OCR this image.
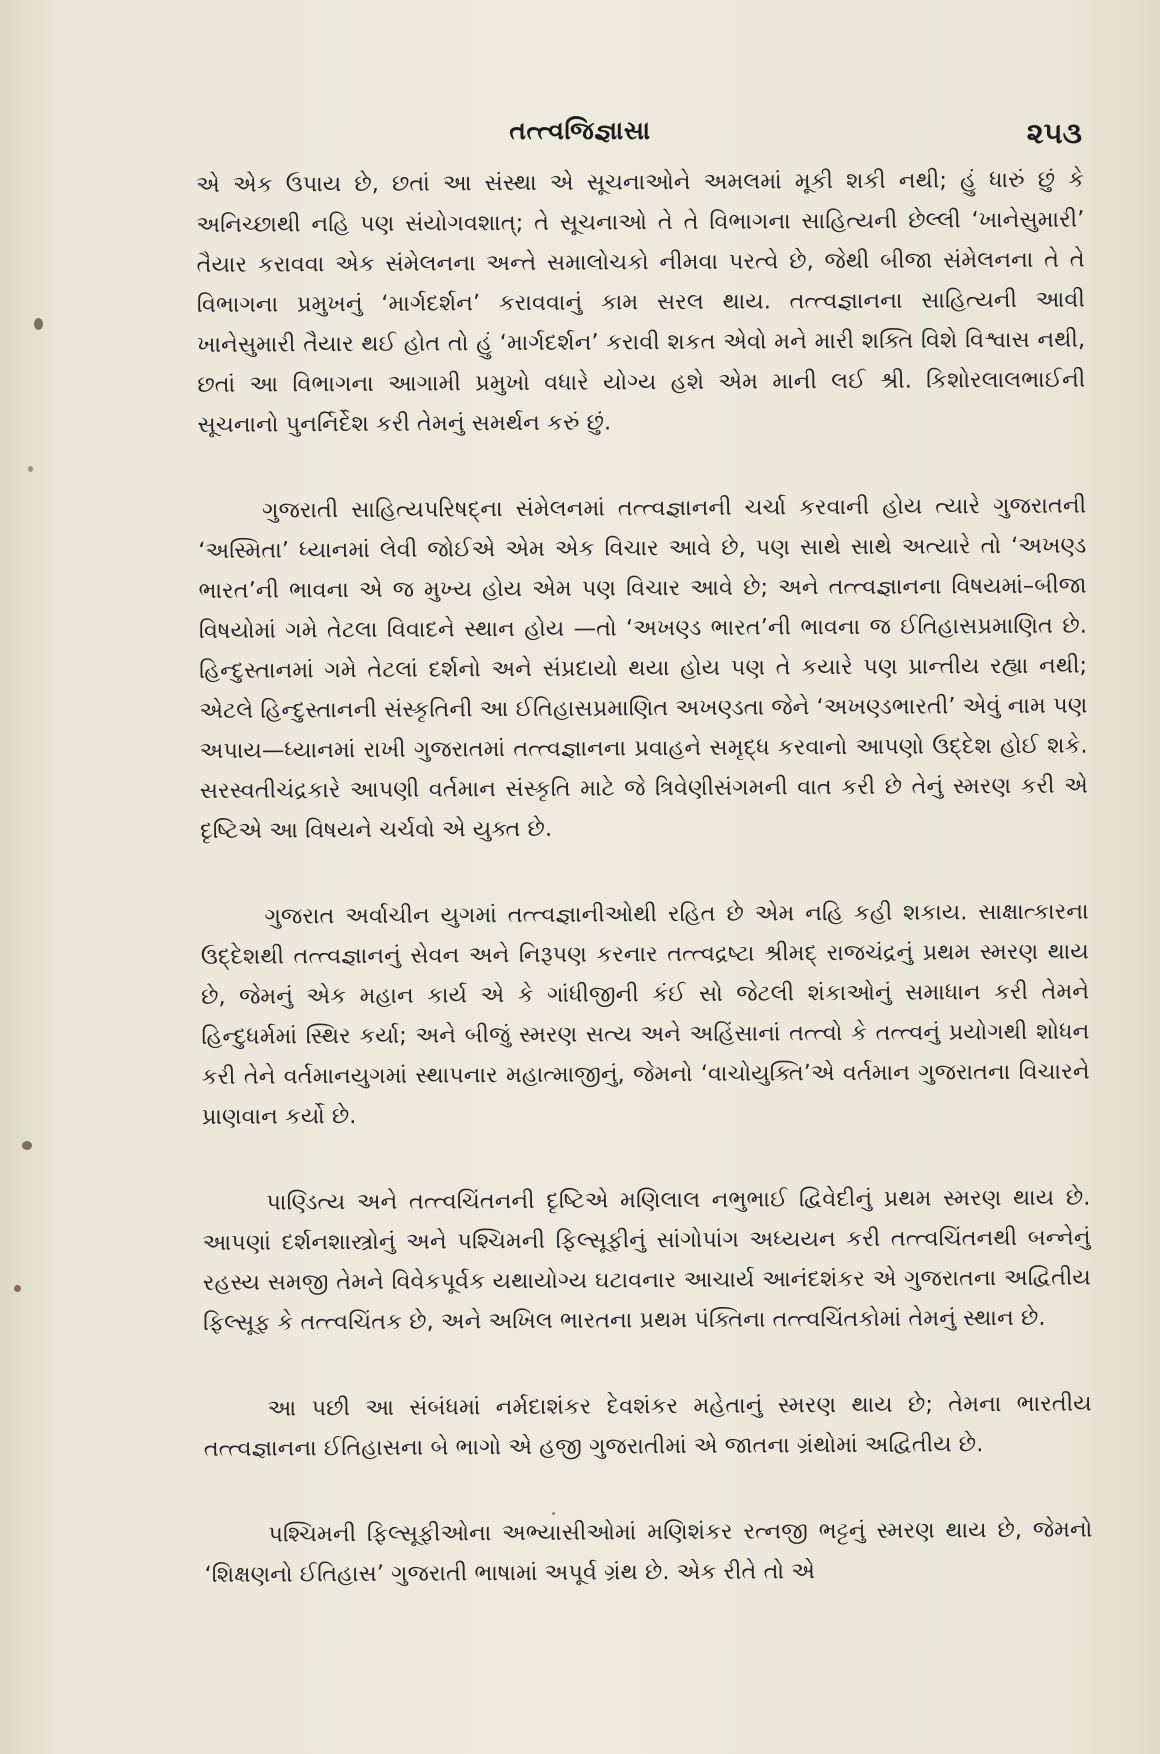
તત્ત્વજિજ્ઞાસા	૨૫૩

એ એક ઉપાય છે, છતાં આ સંસ્થા એ સૂચનાઓને અમલમાં મૂકી શકી નથી; હું ધારું છું કે અનિચ્છાથી નહિ પણ સંયોગવશાત્; તે સૂચનાઓ તે તે વિભાગના સાહિત્યની છેલ્લી ‘ખાનેસુમારી’ તૈયાર કરાવવા એક સંમેલનના અન્તે સમાલોચકો નીમવા પરત્વે છે, જેથી બીજા સંમેલનના તે તે વિભાગના પ્રમુખનું ‘માર્ગદર્શન’ કરાવવાનું કામ સરલ થાય. તત્ત્વજ્ઞાનના સાહિત્યની આવી ખાનેસુમારી તૈયાર થઈ હોત તો હું ‘માર્ગદર્શન’ કરાવી શકત એવો મને મારી શક્તિ વિશે વિશ્વાસ નથી, છતાં આ વિભાગના આગામી પ્રમુખો વધારે યોગ્ય હશે એમ માની લઈ શ્રી. કિશોરલાલભાઈની સૂચનાનો પુનર્નિર્દેશ કરી તેમનું સમર્થન કરું છું.

ગુજરાતી સાહિત્યપરિષદ્‌ના સંમેલનમાં તત્ત્વજ્ઞાનની ચર્ચા કરવાની હોય ત્યારે ગુજરાતની ‘અસ્મિતા’ ધ્યાનમાં લેવી જોઈએ એમ એક વિચાર આવે છે, પણ સાથે સાથે અત્યારે તો ‘અખણ્ડ ભારત’ની ભાવના એ જ મુખ્ય હોય એમ પણ વિચાર આવે છે; અને તત્ત્વજ્ઞાનના વિષયમાં–બીજા વિષયોમાં ગમે તેટલા વિવાદને સ્થાન હોય —તો ‘અખણ્ડ ભારત’ની ભાવના જ ઈતિહાસપ્રમાણિત છે. હિન્દુસ્તાનમાં ગમે તેટલાં દર્શનો અને સંપ્રદાયો થયા હોય પણ તે કયારે પણ પ્રાન્તીય રહ્યા નથી; એટલે હિન્દુસ્તાનની સંસ્કૃતિની આ ઈતિહાસપ્રમાણિત અખણ્ડતા જેને ‘અખણ્ડભારતી’ એવું નામ પણ અપાય—ધ્યાનમાં રાખી ગુજરાતમાં તત્ત્વજ્ઞાનના પ્રવાહને સમૃદ્ધ કરવાનો આપણો ઉદ્દેશ હોઈ શકે. સરસ્વતીચંદ્રકારે આપણી વર્તમાન સંસ્કૃતિ માટે જે ત્રિવેણીસંગમની વાત કરી છે તેનું સ્મરણ કરી એ દૃષ્ટિએ આ વિષયને ચર્ચવો એ યુક્ત છે.

ગુજરાત અર્વાચીન યુગમાં તત્ત્વજ્ઞાનીઓથી રહિત છે એમ નહિ કહી શકાય. સાક્ષાત્કારના ઉદ્દેશથી તત્ત્વજ્ઞાનનું સેવન અને નિરૂપણ કરનાર તત્ત્વદ્રષ્ટા શ્રીમદ્ રાજચંદ્રનું પ્રથમ સ્મરણ થાય છે, જેમનું એક મહાન કાર્ય એ કે ગાંધીજીની કંઈ સો જેટલી શંકાઓનું સમાધાન કરી તેમને હિન્દુધર્મમાં સ્થિર કર્યા; અને બીજું સ્મરણ સત્ય અને અહિંસાનાં તત્ત્વો કે તત્ત્વનું પ્રયોગથી શોધન કરી તેને વર્તમાનયુગમાં સ્થાપનાર મહાત્માજીનું, જેમનો ‘વાચોયુક્તિ’એ વર્તમાન ગુજરાતના વિચારને પ્રાણવાન કર્યો છે.

પાણ્ડિત્ય અને તત્ત્વચિંતનની દૃષ્ટિએ મણિલાલ નભુભાઈ દ્વિવેદીનું પ્રથમ સ્મરણ થાય છે. આપણાં દર્શનશાસ્ત્રોનું અને પશ્ચિમની ફિલ્સૂફીનું સાંગોપાંગ અધ્યયન કરી તત્ત્વચિંતનથી બન્નેનું રહસ્ય સમજી તેમને વિવેકપૂર્વક યથાયોગ્ય ઘટાવનાર આચાર્ય આનંદશંકર એ ગુજરાતના અદ્વિતીય ફિલ્સૂફ કે તત્ત્વચિંતક છે, અને અખિલ ભારતના પ્રથમ પંક્તિના તત્ત્વચિંતકોમાં તેમનું સ્થાન છે.

આ પછી આ સંબંધમાં નર્મદાશંકર દેવશંકર મહેતાનું સ્મરણ થાય છે; તેમના ભારતીય તત્ત્વજ્ઞાનના ઈતિહાસના બે ભાગો એ હજી ગુજરાતીમાં એ જાતના ગ્રંથોમાં અદ્વિતીય છે.

પશ્ચિમની ફિલ્સૂફીઓના અભ્યાસીઓમાં મણિશંકર રત્નજી ભટ્ટનું સ્મરણ થાય છે, જેમનો ‘શિક્ષણનો ઈતિહાસ’ ગુજરાતી ભાષામાં અપૂર્વ ગ્રંથ છે. એક રીતે તો એ
